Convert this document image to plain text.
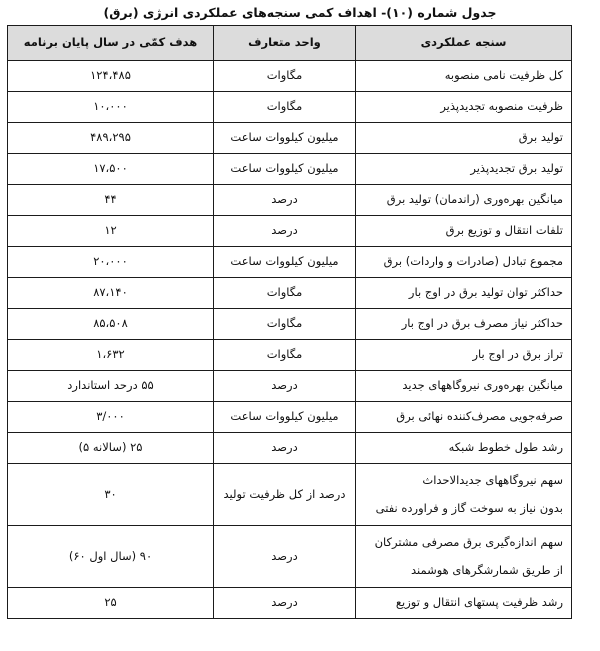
جدول شماره (۱۰)- اهداف کمی سنجه‌های عملکردی انرژی (برق)
سنجه عملکردی	واحد متعارف	هدف کمّی در سال پایان برنامه

کل ظرفیت نامی منصوبه	مگاوات	۱۲۴،۴۸۵

ظرفیت منصوبه تجدیدپذیر	مگاوات	۱۰،۰۰۰

تولید برق	میلیون کیلووات ساعت	۴۸۹،۲۹۵

تولید برق تجدیدپذیر	میلیون کیلووات ساعت	۱۷،۵۰۰

میانگین بهره‌وری (راندمان) تولید برق	درصد	۴۴

تلفات انتقال و توزیع برق	درصد	۱۲

مجموع تبادل (صادرات و واردات) برق	میلیون کیلووات ساعت	۲۰،۰۰۰

حداکثر توان تولید برق در اوج بار	مگاوات	۸۷،۱۴۰

حداکثر نیاز مصرف برق در اوج بار	مگاوات	۸۵،۵۰۸

تراز برق در اوج بار	مگاوات	۱،۶۳۲

میانگین بهره‌وری نیروگاههای جدید	درصد	۵۵ درحد استاندارد

صرفه‌جویی مصرف‌کننده نهائی برق	میلیون کیلووات ساعت	۳/۰۰۰

رشد طول خطوط شبکه	درصد	۲۵ (سالانه ۵)

سهم نیروگاههای جدیدالاحداث
بدون نیاز به سوخت گاز و فراورده نفتی	درصد از کل ظرفیت تولید	۳۰

سهم اندازه‌گیری برق مصرفی مشترکان
از طریق شمارشگرهای هوشمند	درصد	۹۰ (سال اول ۶۰)

رشد ظرفیت پستهای انتقال و توزیع	درصد	۲۵
